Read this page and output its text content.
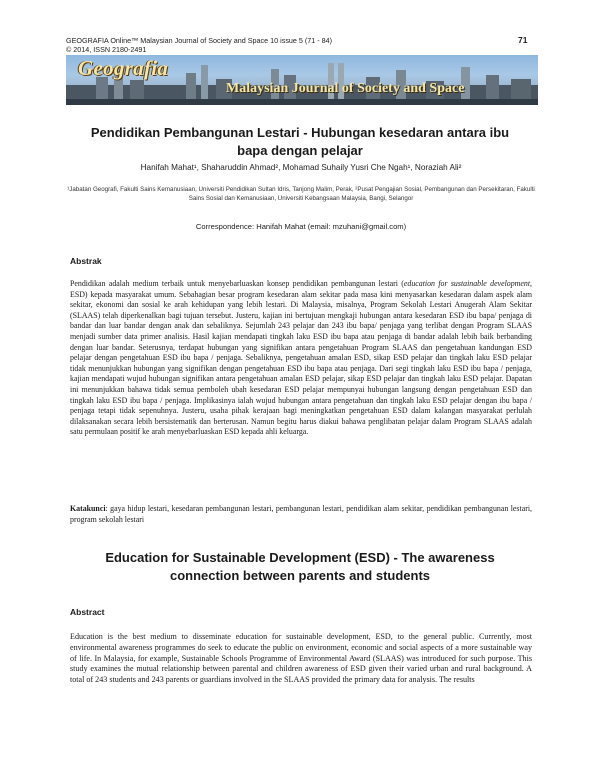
GEOGRAFIA Online™ Malaysian Journal of Society and Space 10 issue 5 (71 - 84)
© 2014, ISSN 2180-2491
71
Geografia
Malaysian Journal of Society and Space
Pendidikan Pembangunan Lestari - Hubungan kesedaran antara ibu bapa dengan pelajar
Hanifah Mahat¹, Shaharuddin Ahmad², Mohamad Suhaily Yusri Che Ngah¹, Noraziah Ali²
¹Jabatan Geografi, Fakulti Sains Kemanusiaan, Universiti Pendidikan Sultan Idris, Tanjong Malim, Perak, ²Pusat Pengajian Sosial, Pembangunan dan Persekitaran, Fakulti Sains Sosial dan Kemanusiaan, Universiti Kebangsaan Malaysia, Bangi, Selangor
Correspondence: Hanifah Mahat (email: mzuhani@gmail.com)
Abstrak
Pendidikan adalah medium terbaik untuk menyebarluaskan konsep pendidikan pembangunan lestari (education for sustainable development, ESD) kepada masyarakat umum. Sebahagian besar program kesedaran alam sekitar pada masa kini menyasarkan kesedaran dalam aspek alam sekitar, ekonomi dan sosial ke arah kehidupan yang lebih lestari. Di Malaysia, misalnya, Program Sekolah Lestari Anugerah Alam Sekitar (SLAAS) telah diperkenalkan bagi tujuan tersebut. Justeru, kajian ini bertujuan mengkaji hubungan antara kesedaran ESD ibu bapa/ penjaga di bandar dan luar bandar dengan anak dan sebaliknya. Sejumlah 243 pelajar dan 243 ibu bapa/ penjaga yang terlibat dengan Program SLAAS menjadi sumber data primer analisis. Hasil kajian mendapati tingkah laku ESD ibu bapa atau penjaga di bandar adalah lebih baik berbanding dengan luar bandar. Seterusnya, terdapat hubungan yang signifikan antara pengetahuan Program SLAAS dan pengetahuan kandungan ESD pelajar dengan pengetahuan ESD ibu bapa / penjaga. Sebaliknya, pengetahuan amalan ESD, sikap ESD pelajar dan tingkah laku ESD pelajar tidak menunjukkan hubungan yang signifikan dengan pengetahuan ESD ibu bapa atau penjaga. Dari segi tingkah laku ESD ibu bapa / penjaga, kajian mendapati wujud hubungan signifikan antara pengetahuan amalan ESD pelajar, sikap ESD pelajar dan tingkah laku ESD pelajar. Dapatan ini menunjukkan bahawa tidak semua pemboleh ubah kesedaran ESD pelajar mempunyai hubungan langsung dengan pengetahuan ESD dan tingkah laku ESD ibu bapa / penjaga. Implikasinya ialah wujud hubungan antara pengetahuan dan tingkah laku ESD pelajar dengan ibu bapa / penjaga tetapi tidak sepenuhnya. Justeru, usaha pihak kerajaan bagi meningkatkan pengetahuan ESD dalam kalangan masyarakat perlulah dilaksanakan secara lebih bersistematik dan berterusan. Namun begitu harus diakui bahawa penglibatan pelajar dalam Program SLAAS adalah satu permulaan positif ke arah menyebarluaskan ESD kepada ahli keluarga.
Katakunci: gaya hidup lestari, kesedaran pembangunan lestari, pembangunan lestari, pendidikan alam sekitar, pendidikan pembangunan lestari, program sekolah lestari
Education for Sustainable Development (ESD) - The awareness connection between parents and students
Abstract
Education is the best medium to disseminate education for sustainable development, ESD, to the general public. Currently, most environmental awareness programmes do seek to educate the public on environment, economic and social aspects of a more sustainable way of life. In Malaysia, for example, Sustainable Schools Programme of Environmental Award (SLAAS) was introduced for such purpose. This study examines the mutual relationship between parental and children awareness of ESD given their varied urban and rural background. A total of 243 students and 243 parents or guardians involved in the SLAAS provided the primary data for analysis. The results
